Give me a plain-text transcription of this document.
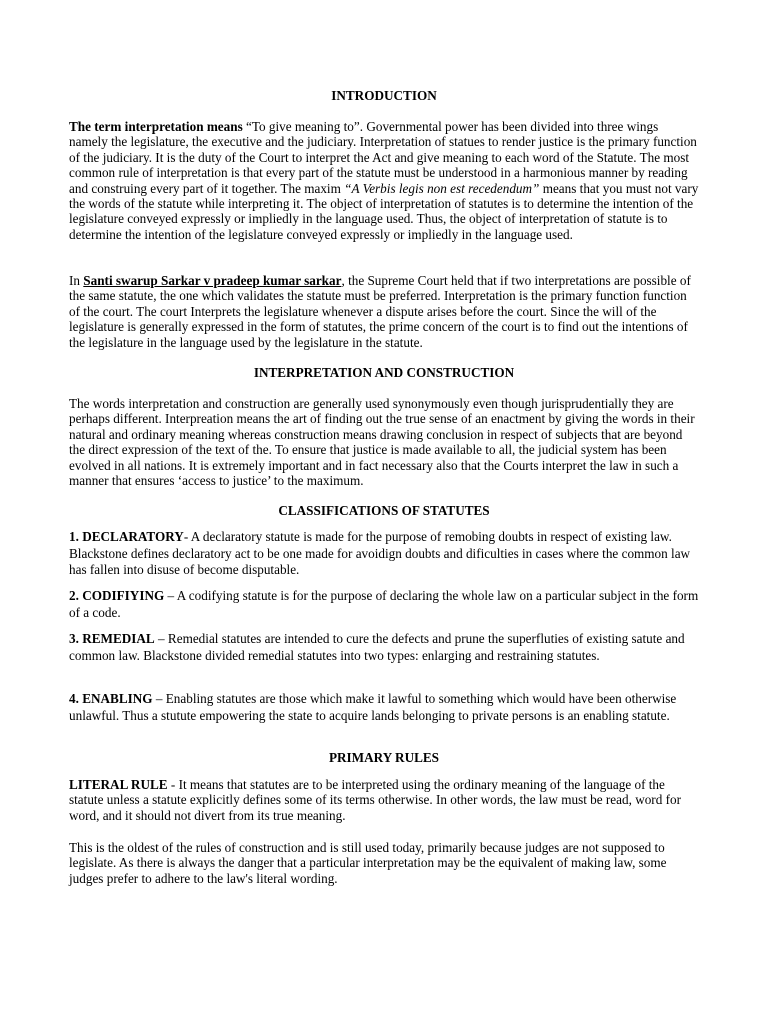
INTRODUCTION

The term interpretation means “To give meaning to”. Governmental power has been divided into three wings namely the legislature, the executive and the judiciary. Interpretation of statues to render justice is the primary function of the judiciary. It is the duty of the Court to interpret the Act and give meaning to each word of the Statute. The most common rule of interpretation is that every part of the statute must be understood in a harmonious manner by reading and construing every part of it together. The maxim “A Verbis legis non est recedendum” means that you must not vary the words of the statute while interpreting it. The object of interpretation of statutes is to determine the intention of the legislature conveyed expressly or impliedly in the language used. Thus, the object of interpretation of statute is to determine the intention of the legislature conveyed expressly or impliedly in the language used.

In Santi swarup Sarkar v pradeep kumar sarkar, the Supreme Court held that if two interpretations are possible of the same statute, the one which validates the statute must be preferred. Interpretation is the primary function function of the court. The court Interprets the legislature whenever a dispute arises before the court. Since the will of the legislature is generally expressed in the form of statutes, the prime concern of the court is to find out the intentions of the legislature in the language used by the legislature in the statute.

INTERPRETATION AND CONSTRUCTION

The words interpretation and construction are generally used synonymously even though jurisprudentially they are perhaps different. Interpreation means the art of finding out the true sense of an enactment by giving the words in their natural and ordinary meaning whereas construction means drawing conclusion in respect of subjects that are beyond the direct expression of the text of the. To ensure that justice is made available to all, the judicial system has been evolved in all nations. It is extremely important and in fact necessary also that the Courts interpret the law in such a manner that ensures ‘access to justice’ to the maximum.

CLASSIFICATIONS OF STATUTES

1. DECLARATORY- A declaratory statute is made for the purpose of remobing doubts in respect of existing law. Blackstone defines declaratory act to be one made for avoidign doubts and dificulties in cases where the common law has fallen into disuse of become disputable.

2. CODIFIYING – A codifying statute is for the purpose of declaring the whole law on a particular subject in the form of a code.

3. REMEDIAL – Remedial statutes are intended to cure the defects and prune the superfluties of existing satute and common law. Blackstone divided remedial statutes into two types: enlarging and restraining statutes.

4. ENABLING – Enabling statutes are those which make it lawful to something which would have been otherwise unlawful. Thus a stutute empowering the state to acquire lands belonging to private persons is an enabling statute.

PRIMARY RULES

LITERAL RULE - It means that statutes are to be interpreted using the ordinary meaning of the language of the statute unless a statute explicitly defines some of its terms otherwise. In other words, the law must be read, word for word, and it should not divert from its true meaning.

This is the oldest of the rules of construction and is still used today, primarily because judges are not supposed to legislate. As there is always the danger that a particular interpretation may be the equivalent of making law, some judges prefer to adhere to the law's literal wording.
